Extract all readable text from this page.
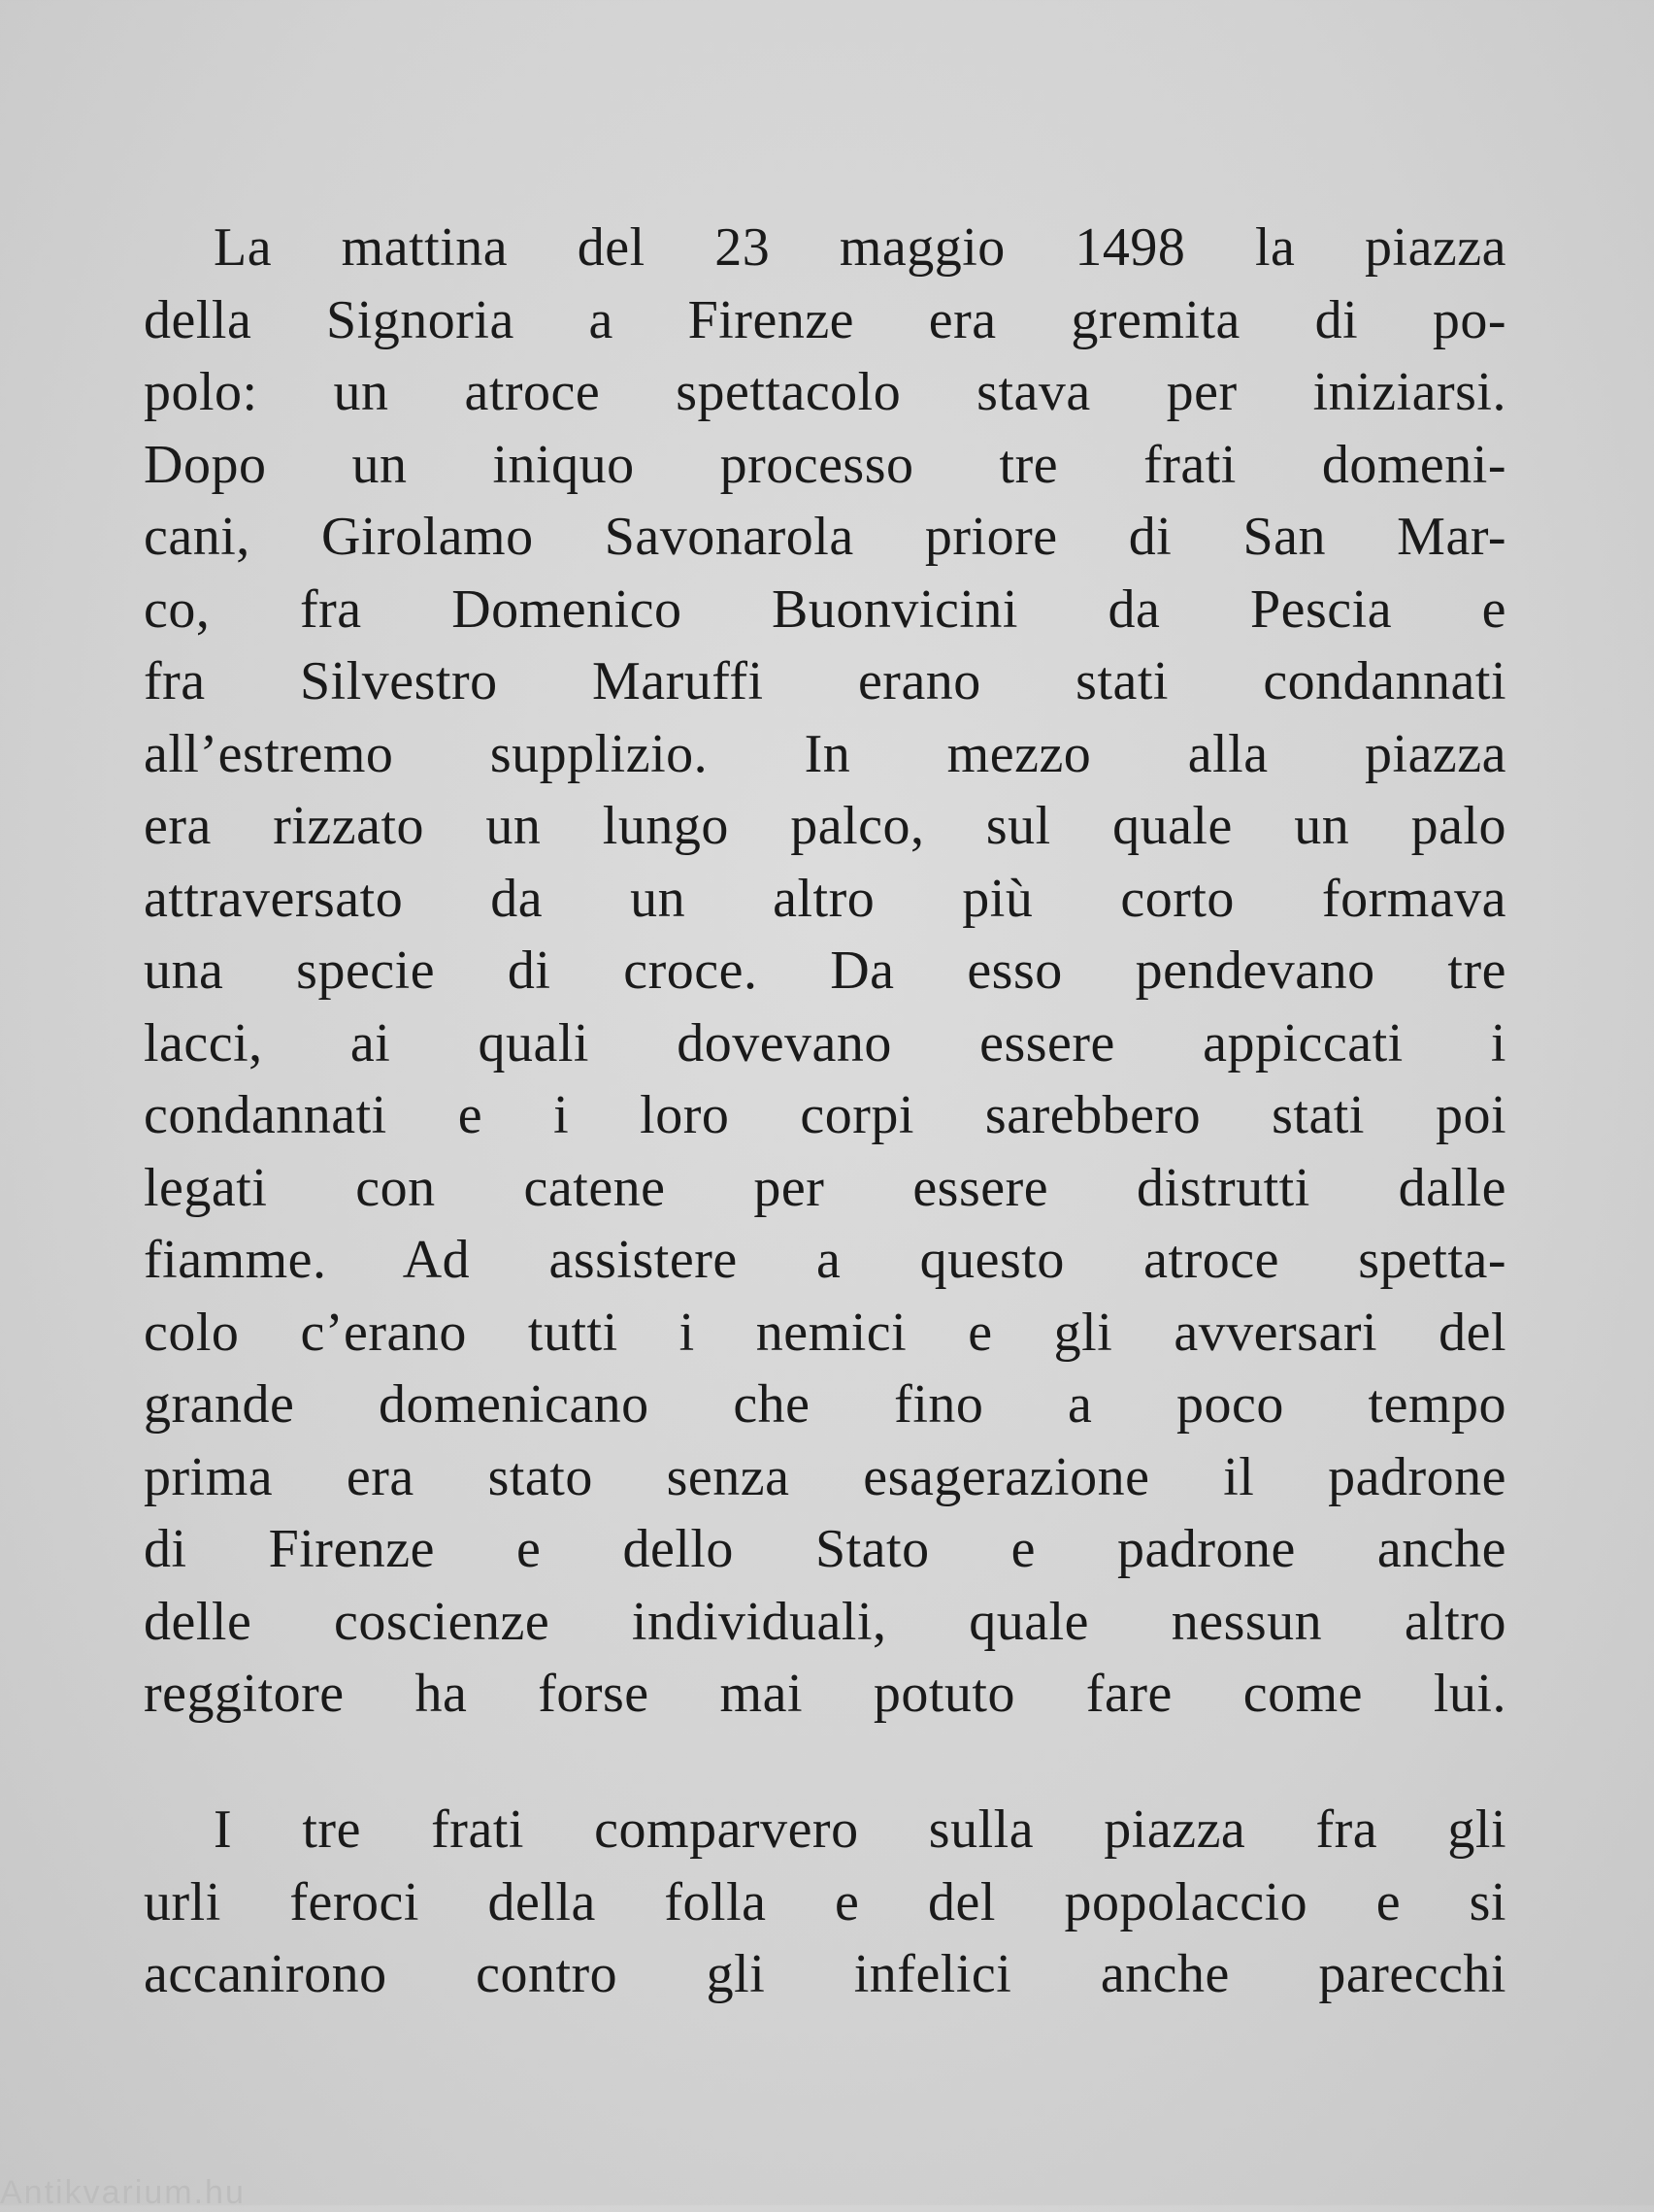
La mattina del 23 maggio 1498 la piazza
della Signoria a Firenze era gremita di po-
polo: un atroce spettacolo stava per iniziarsi.
Dopo un iniquo processo tre frati domeni-
cani, Girolamo Savonarola priore di San Mar-
co, fra Domenico Buonvicini da Pescia e
fra Silvestro Maruffi erano stati condannati
all’estremo supplizio. In mezzo alla piazza
era rizzato un lungo palco, sul quale un palo
attraversato da un altro più corto formava
una specie di croce. Da esso pendevano tre
lacci, ai quali dovevano essere appiccati i
condannati e i loro corpi sarebbero stati poi
legati con catene per essere distrutti dalle
fiamme. Ad assistere a questo atroce spetta-
colo c’erano tutti i nemici e gli avversari del
grande domenicano che fino a poco tempo
prima era stato senza esagerazione il padrone
di Firenze e dello Stato e padrone anche
delle coscienze individuali, quale nessun altro
reggitore ha forse mai potuto fare come lui.
I tre frati comparvero sulla piazza fra gli
urli feroci della folla e del popolaccio e si
accanirono contro gli infelici anche parecchi
Antikvarium.hu
